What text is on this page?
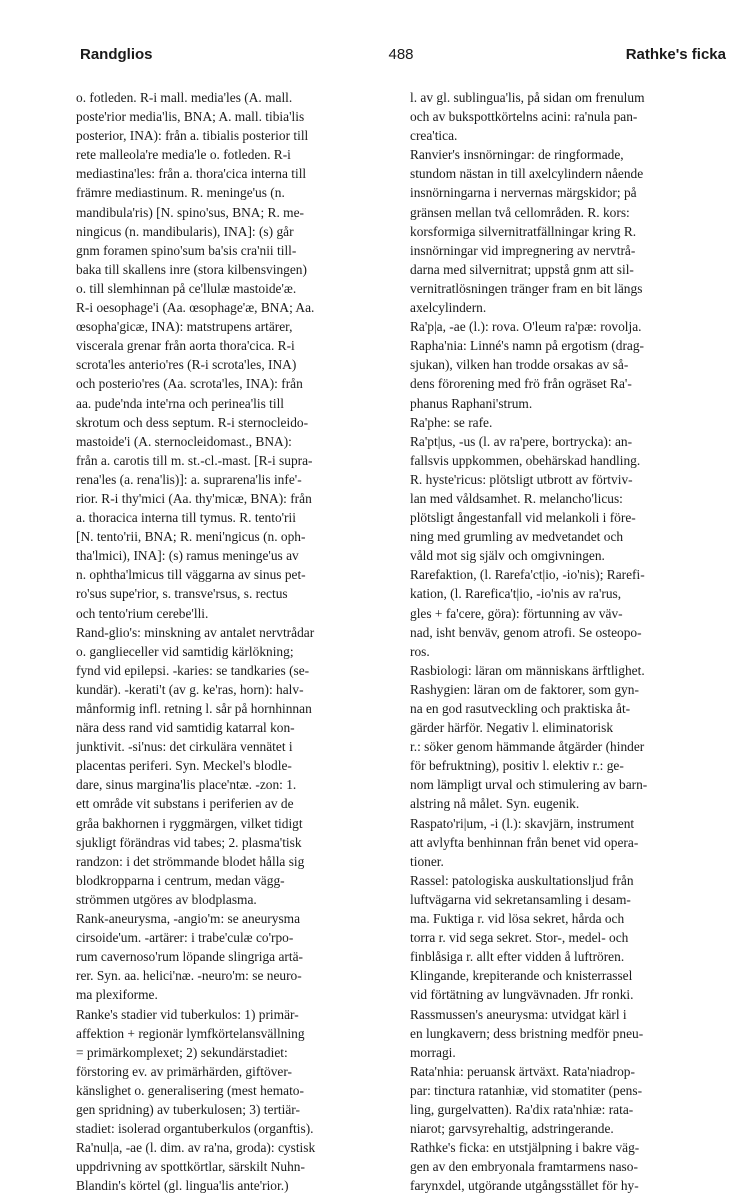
Randglios	488	Rathke's ficka
o. fotleden. R-i mall. media'les (A. mall.
poste'rior media'lis, BNA; A. mall. tibia'lis
posterior, INA): från a. tibialis posterior till
rete malleola're media'le o. fotleden. R-i
mediastina'les: från a. thora'cica interna till
främre mediastinum. R. meninge'us (n.
mandibula'ris) [N. spino'sus, BNA; R. me-
ningicus (n. mandibularis), INA]: (s) går
gnm foramen spino'sum ba'sis cra'nii till-
baka till skallens inre (stora kilbensvingen)
o. till slemhinnan på ce'llulæ mastoide'æ.
R-i oesophage'i (Aa. œsophage'æ, BNA; Aa.
œsopha'gicæ, INA): matstrupens artärer,
viscerala grenar från aorta thora'cica. R-i
scrota'les anterio'res (R-i scrota'les, INA)
och posterio'res (Aa. scrota'les, INA): från
aa. pude'nda inte'rna och perinea'lis till
skrotum och dess septum. R-i sternocleido-
mastoide'i (A. sternocleidomast., BNA):
från a. carotis till m. st.-cl.-mast. [R-i supra-
rena'les (a. rena'lis)]: a. suprarena'lis infe'-
rior. R-i thy'mici (Aa. thy'micæ, BNA): från
a. thoracica interna till tymus. R. tento'rii
[N. tento'rii, BNA; R. meni'ngicus (n. oph-
tha'lmici), INA]: (s) ramus meninge'us av
n. ophtha'lmicus till väggarna av sinus pet-
ro'sus supe'rior, s. transve'rsus, s. rectus
och tento'rium cerebe'lli.
Rand-glio's: minskning av antalet nervtrådar
o. ganglieceller vid samtidig kärlökning;
fynd vid epilepsi. -karies: se tandkaries (se-
kundär). -kerati't (av g. ke'ras, horn): halv-
månformig infl. retning l. sår på hornhinnan
nära dess rand vid samtidig katarral kon-
junktivit. -si'nus: det cirkulära vennätet i
placentas periferi. Syn. Meckel's blodle-
dare, sinus margina'lis place'ntæ. -zon: 1.
ett område vit substans i periferien av de
gråa bakhornen i ryggmärgen, vilket tidigt
sjukligt förändras vid tabes; 2. plasma'tisk
randzon: i det strömmande blodet hålla sig
blodkropparna i centrum, medan vägg-
strömmen utgöres av blodplasma.
Rank-aneurysma, -angio'm: se aneurysma
cirsoide'um. -artärer: i trabe'culæ co'rpo-
rum cavernoso'rum löpande slingriga artä-
rer. Syn. aa. helici'næ. -neuro'm: se neuro-
ma plexiforme.
Ranke's stadier vid tuberkulos: 1) primär-
affektion + regionär lymfkörtelansvällning
= primärkomplexet; 2) sekundärstadiet:
förstoring ev. av primärhärden, giftöver-
känslighet o. generalisering (mest hemato-
gen spridning) av tuberkulosen; 3) tertiär-
stadiet: isolerad organtuberkulos (organftis).
Ra'nul|a, -ae (l. dim. av ra'na, groda): cystisk
uppdrivning av spottkörtlar, särskilt Nuhn-
Blandin's körtel (gl. lingua'lis ante'rior.)
l. av gl. sublingua'lis, på sidan om frenulum
och av bukspottkörtelns acini: ra'nula pan-
crea'tica.
Ranvier's insnörningar: de ringformade,
stundom nästan in till axelcylindern nående
insnörningarna i nervernas märgskidor; på
gränsen mellan två cellområden. R. kors:
korsformiga silvernitratfällningar kring R.
insnörningar vid impregnering av nervtrå-
darna med silvernitrat; uppstå gnm att sil-
vernitratlösningen tränger fram en bit längs
axelcylindern.
Ra'p|a, -ae (l.): rova. O'leum ra'pæ: rovolja.
Rapha'nia: Linné's namn på ergotism (drag-
sjukan), vilken han trodde orsakas av så-
dens förorening med frö från ogräset Ra'-
phanus Raphani'strum.
Ra'phe: se rafe.
Ra'pt|us, -us (l. av ra'pere, bortrycka): an-
fallsvis uppkommen, obehärskad handling.
R. hyste'ricus: plötsligt utbrott av förtviv-
lan med våldsamhet. R. melancho'licus:
plötsligt ångestanfall vid melankoli i före-
ning med grumling av medvetandet och
våld mot sig själv och omgivningen.
Rarefaktion, (l. Rarefa'ct|io, -io'nis); Rarefi-
kation, (l. Rarefica't|io, -io'nis av ra'rus,
gles + fa'cere, göra): förtunning av väv-
nad, isht benväv, genom atrofi. Se osteopo-
ros.
Rasbiologi: läran om människans ärftlighet.
Rashygien: läran om de faktorer, som gyn-
na en god rasutveckling och praktiska åt-
gärder härför. Negativ l. eliminatorisk
r.: söker genom hämmande åtgärder (hinder
för befruktning), positiv l. elektiv r.: ge-
nom lämpligt urval och stimulering av barn-
alstring nå målet. Syn. eugenik.
Raspato'ri|um, -i (l.): skavjärn, instrument
att avlyfta benhinnan från benet vid opera-
tioner.
Rassel: patologiska auskultationsljud från
luftvägarna vid sekretansamling i desam-
ma. Fuktiga r. vid lösa sekret, hårda och
torra r. vid sega sekret. Stor-, medel- och
finblåsiga r. allt efter vidden å luftrören.
Klingande, krepiterande och knisterrassel
vid förtätning av lungvävnaden. Jfr ronki.
Rassmussen's aneurysma: utvidgat kärl i
en lungkavern; dess bristning medför pneu-
morragi.
Rata'nhia: peruansk ärtväxt. Rata'niadrop-
par: tinctura ratanhiæ, vid stomatiter (pens-
ling, gurgelvatten). Ra'dix rata'nhiæ: rata-
niarot; garvsyrehaltig, adstringerande.
Rathke's ficka: en utstjälpning i bakre väg-
gen av den embryonala framtarmens naso-
farynxdel, utgörande utgångsstället för hy-
